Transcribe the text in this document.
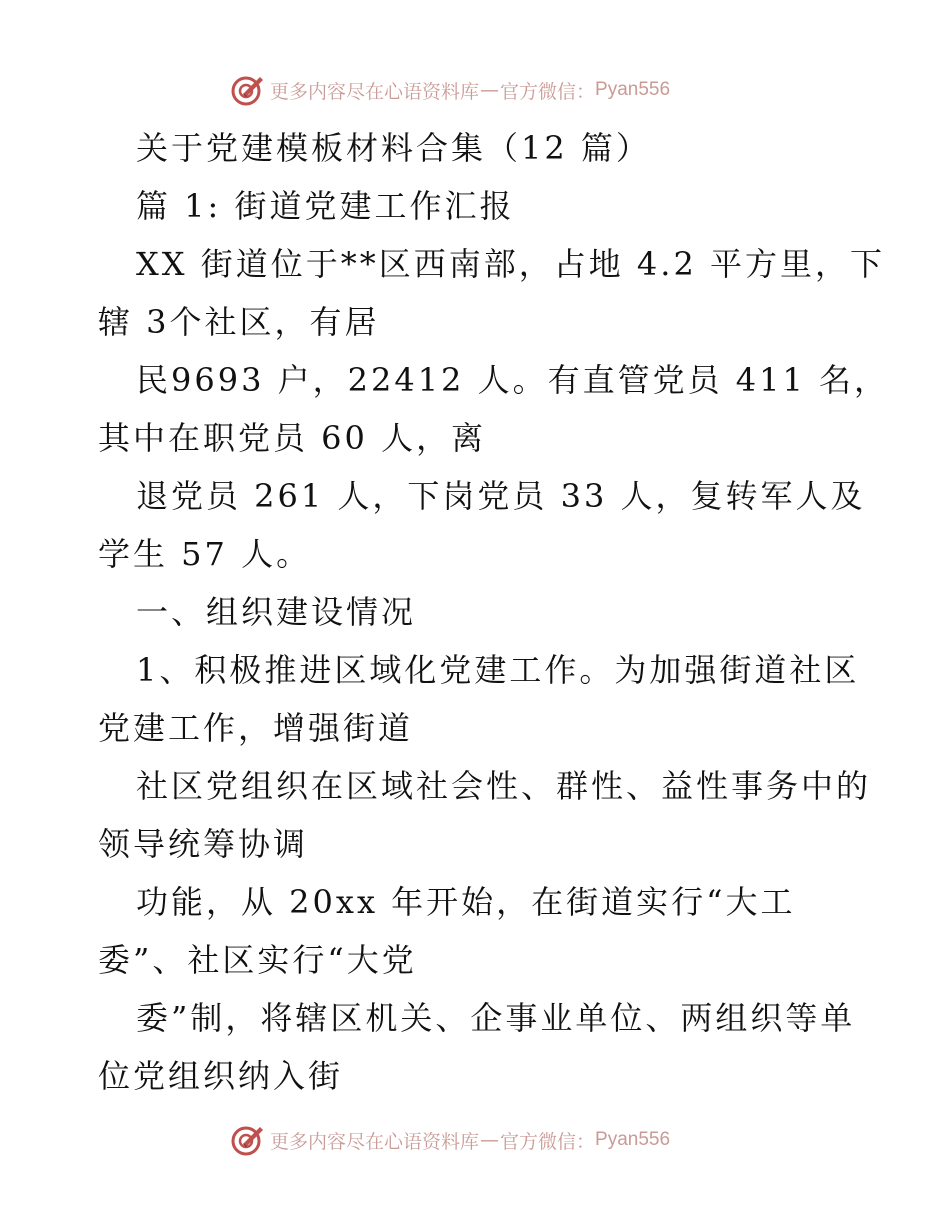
更多内容尽在心语资料库 — 官方微信： Pyan556
关于党建模板材料合集（12 篇）
篇 1: 街道党建工作汇报
XX 街道位于**区西南部，占地 4.2 平方里，下
辖 3个社区，有居
民9693 户，22412 人。有直管党员 411 名，
其中在职党员 60 人，离
退党员 261 人，下岗党员 33 人，复转军人及
学生 57 人。
一、组织建设情况
1、积极推进区域化党建工作。为加强街道社区
党建工作，增强街道
社区党组织在区域社会性、群性、益性事务中的
领导统筹协调
功能，从 20xx 年开始，在街道实行“大工
委”、社区实行“大党
委”制，将辖区机关、企事业单位、两组织等单
位党组织纳入街
更多内容尽在心语资料库 — 官方微信： Pyan556
